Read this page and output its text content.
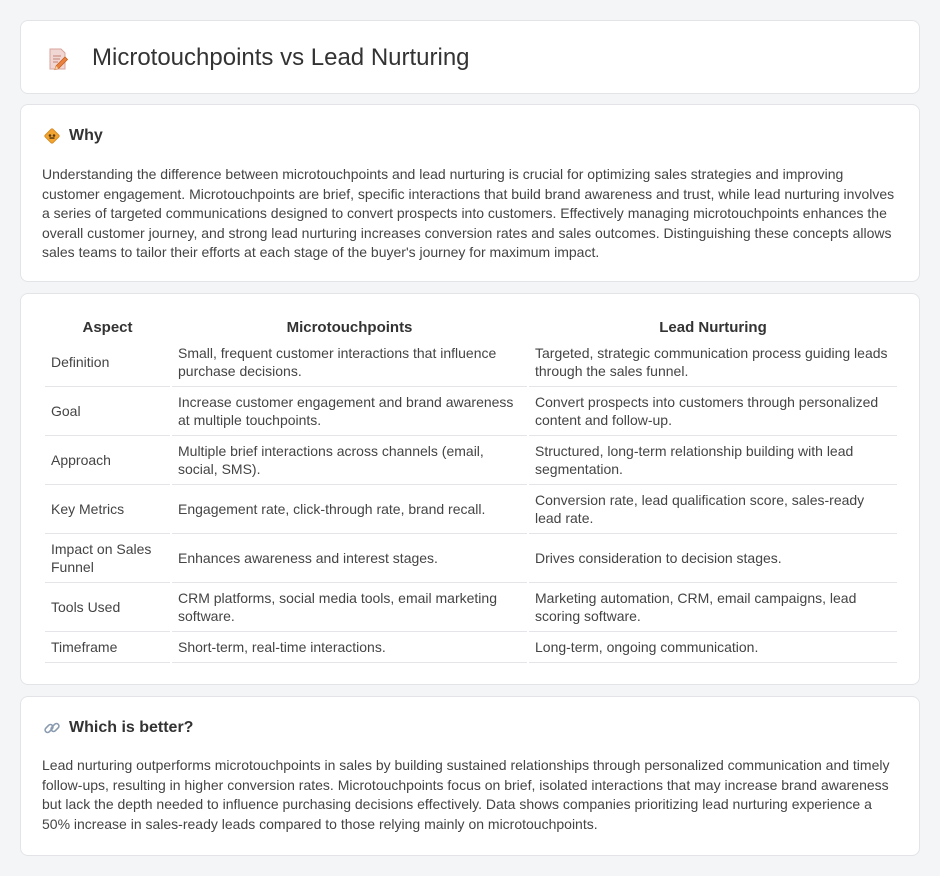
Microtouchpoints vs Lead Nurturing
Why

Understanding the difference between microtouchpoints and lead nurturing is crucial for optimizing sales strategies and improving customer engagement. Microtouchpoints are brief, specific interactions that build brand awareness and trust, while lead nurturing involves a series of targeted communications designed to convert prospects into customers. Effectively managing microtouchpoints enhances the overall customer journey, and strong lead nurturing increases conversion rates and sales outcomes. Distinguishing these concepts allows sales teams to tailor their efforts at each stage of the buyer's journey for maximum impact.

Aspect	Microtouchpoints	Lead Nurturing
Definition	Small, frequent customer interactions that influence purchase decisions.	Targeted, strategic communication process guiding leads through the sales funnel.
Goal	Increase customer engagement and brand awareness at multiple touchpoints.	Convert prospects into customers through personalized content and follow-up.
Approach	Multiple brief interactions across channels (email, social, SMS).	Structured, long-term relationship building with lead segmentation.
Key Metrics	Engagement rate, click-through rate, brand recall.	Conversion rate, lead qualification score, sales-ready lead rate.
Impact on Sales Funnel	Enhances awareness and interest stages.	Drives consideration to decision stages.
Tools Used	CRM platforms, social media tools, email marketing software.	Marketing automation, CRM, email campaigns, lead scoring software.
Timeframe	Short-term, real-time interactions.	Long-term, ongoing communication.
Which is better?

Lead nurturing outperforms microtouchpoints in sales by building sustained relationships through personalized communication and timely follow-ups, resulting in higher conversion rates. Microtouchpoints focus on brief, isolated interactions that may increase brand awareness but lack the depth needed to influence purchasing decisions effectively. Data shows companies prioritizing lead nurturing experience a 50% increase in sales-ready leads compared to those relying mainly on microtouchpoints.
